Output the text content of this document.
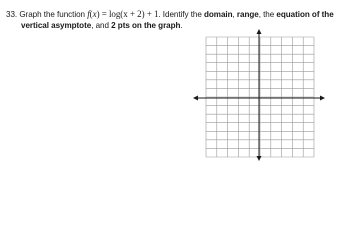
33. Graph the function f(x) = log(x + 2) + 1. Identify the domain, range, the equation of the
vertical asymptote, and 2 pts on the graph.
